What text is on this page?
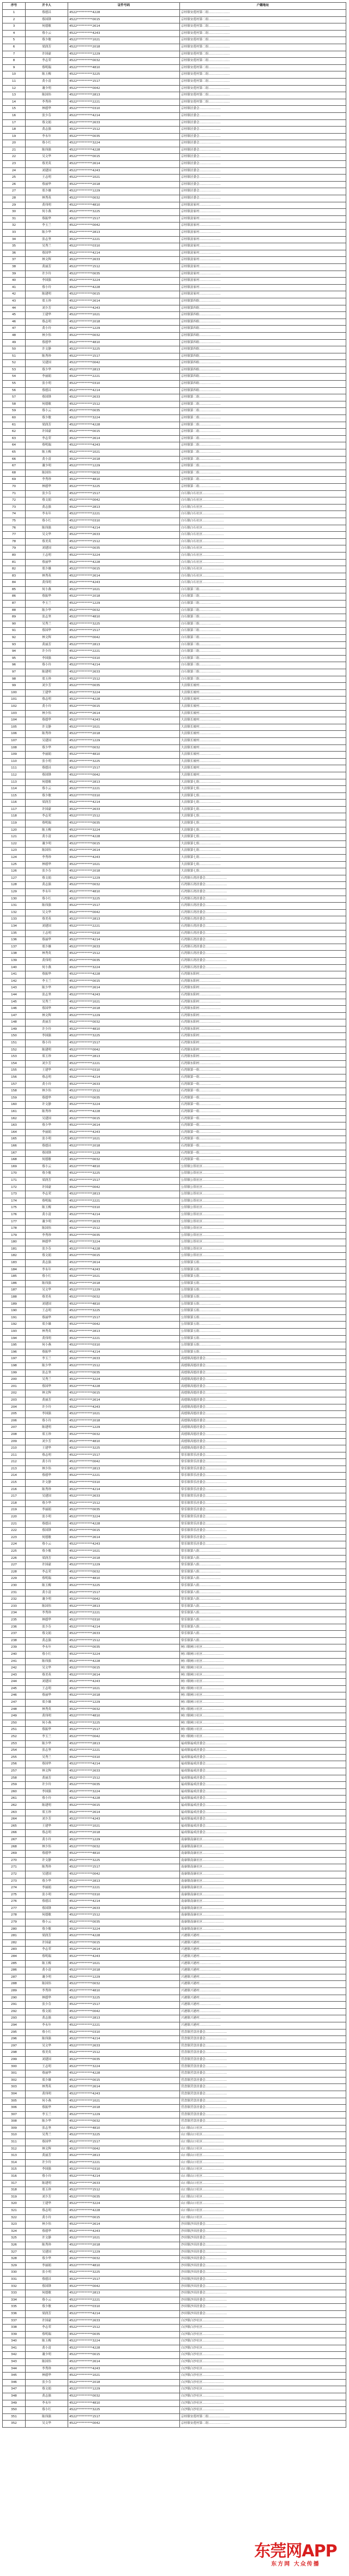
序号	开卡人	证件号码	户籍地址
1	蔡德昌	4522**********4228	京桂镇安莲村第二组…………………
2	蔡国锋	4522**********0015	京桂镇安莲村第二组…………………
3	何德敏	4522**********2614	京桂镇安莲村第二组…………………
4	蔡小云	4522**********4243	京桂镇安莲村第二组…………………
5	蔡少敏	4522**********1021	京桂镇安莲村第二组…………………
6	梁润芳	4522**********2018	京桂镇安莲村第二组…………………
7	许国豪	4522**********1229	京桂镇安莲村第二组…………………
8	李志荣	4522**********0032	京桂镇安莲村第二组…………………
9	蔡明瑞	4522**********4810	京桂镇安莲村第二组…………………
10	陈玉梅	4522**********3225	京桂镇安莲村第二组…………………
11	黄小清	4522**********1517	京桂镇安莲村第二组…………………
12	谢少明	4522**********0042	京桂镇安莲村第二组…………………
13	陈国伟	4522**********2813	京桂镇安莲村第二组…………………
14	李秀珍	4522**********2221	京桂镇安莲村第二组…………………
15	林德华	4522**********0310	京桂镇居委会…………………
16	张少芬	4522**********4214	京桂镇居委会…………………
17	蔡文娟	4522**********2633	京桂镇居委会…………………
18	黄志强	4522**********1512	京桂镇居委会…………………
19	李永年	4522**********0035	京桂镇居委会…………………
20	蔡小红	4522**********3224	京桂镇居委会…………………
21	陈伟强	4522**********4228	京桂镇居委会…………………
22	吴文华	4522**********0015	京桂镇居委会…………………
23	蔡美英	4522**********2614	京桂镇居委会…………………
24	刘建国	4522**********4243	京桂镇居委会…………………
25	王志明	4522**********1021	京桂镇居委会…………………
26	蔡丽华	4522**********2018	京桂镇居委会…………………
27	郑少雄	4522**********1229	京桂镇居委会…………………
28	林秀英	4522**********0032	京桂镇居委会…………………
29	黄伟明	4522**********4810	京桂镇富家村…………………
30	何小燕	4522**********3225	京桂镇富家村…………………
31	蔡振华	4522**********1517	京桂镇富家村…………………
32	李玉兰	4522**********0042	京桂镇富家村…………………
33	陈少华	4522**********2813	京桂镇富家村…………………
34	张志坚	4522**********2221	京桂镇富家村…………………
35	吴秀兰	4522**********0310	京桂镇富家村…………………
36	蔡国华	4522**********4214	京桂镇富家村…………………
37	林文辉	4522**********2633	京桂镇富家村…………………
38	黄丽芳	4522**********1512	京桂镇富家村…………………
39	许少玲	4522**********0035	京桂镇富家村…………………
40	李国强	4522**********3224	京桂镇富家村…………………
41	蔡小玲	4522**********4228	京桂镇富家村…………………
42	陈建明	4522**********0015	京桂镇富家村…………………
43	郑玉珍	4522**********2614	京桂镇第四组…………………
44	刘少芳	4522**********4243	京桂镇第四组…………………
45	王建华	4522**********1021	京桂镇第四组…………………
46	蔡志明	4522**********2018	京桂镇第四组…………………
47	黄小玲	4522**********1229	京桂镇第四组…………………
48	林少伟	4522**********0032	京桂镇第四组…………………
49	蔡德华	4522**********4810	京桂镇第四组…………………
50	许文静	4522**********3225	京桂镇第四组…………………
51	陈秀珍	4522**********1517	京桂镇第四组…………………
52	吴建国	4522**********0042	京桂镇第四组…………………
53	蔡少华	4522**********2813	京桂镇第四组…………………
54	李丽娟	4522**********2221	京桂镇第四组…………………
55	张小明	4522**********0310	京桂镇第四组…………………
56	蔡德昌	4522**********4214	京桂镇第四组…………………
57	蔡国锋	4522**********2633	京桂镇第二组…………………
58	何德敏	4522**********1512	京桂镇第二组…………………
59	蔡小云	4522**********0035	京桂镇第二组…………………
60	蔡少敏	4522**********3224	京桂镇第二组…………………
61	梁润芳	4522**********4228	京桂镇第二组…………………
62	许国豪	4522**********0015	京桂镇第二组…………………
63	李志荣	4522**********2614	京桂镇第二组…………………
64	蔡明瑞	4522**********4243	京桂镇第二组…………………
65	陈玉梅	4522**********1021	京桂镇第二组…………………
66	黄小清	4522**********2018	京桂镇第二组…………………
67	谢少明	4522**********1229	京桂镇第二组…………………
68	陈国伟	4522**********0032	京桂镇第二组…………………
69	李秀珍	4522**********4810	京桂镇第二组…………………
70	林德华	4522**********3225	京桂镇第二组…………………
71	张少芬	4522**********1517	白石镇白石社区…………………
72	蔡文娟	4522**********0042	白石镇白石社区…………………
73	黄志强	4522**********2813	白石镇白石社区…………………
74	李永年	4522**********2221	白石镇白石社区…………………
75	蔡小红	4522**********0310	白石镇白石社区…………………
76	陈伟强	4522**********4214	白石镇白石社区…………………
77	吴文华	4522**********2633	白石镇白石社区…………………
78	蔡美英	4522**********1512	白石镇白石社区…………………
79	刘建国	4522**********0035	白石镇白石社区…………………
80	王志明	4522**********3224	白石镇白石社区…………………
81	蔡丽华	4522**********4228	白石镇白石社区…………………
82	郑少雄	4522**********0015	白石镇白石社区…………………
83	林秀英	4522**********2614	白石镇白石社区…………………
84	黄伟明	4522**********4243	白石镇白石社区…………………
85	何小燕	4522**********1021	白石镇第三组…………………
86	蔡振华	4522**********2018	白石镇第三组…………………
87	李玉兰	4522**********1229	白石镇第三组…………………
88	陈少华	4522**********0032	白石镇第三组…………………
89	张志坚	4522**********4810	白石镇第三组…………………
90	吴秀兰	4522**********3225	白石镇第三组…………………
91	蔡国华	4522**********1517	白石镇第三组…………………
92	林文辉	4522**********0042	白石镇第三组…………………
93	黄丽芳	4522**********2813	白石镇第三组…………………
94	许少玲	4522**********2221	白石镇第三组…………………
95	李国强	4522**********0310	白石镇第三组…………………
96	蔡小玲	4522**********4214	白石镇第三组…………………
97	陈建明	4522**********2633	白石镇第三组…………………
98	郑玉珍	4522**********1512	白石镇第三组…………………
99	刘少芳	4522**********0035	大浪镇长坡村…………………
100	王建华	4522**********3224	大浪镇长坡村…………………
101	蔡志明	4522**********4228	大浪镇长坡村…………………
102	黄小玲	4522**********0015	大浪镇长坡村…………………
103	林少伟	4522**********2614	大浪镇长坡村…………………
104	蔡德华	4522**********4243	大浪镇长坡村…………………
105	许文静	4522**********1021	大浪镇长坡村…………………
106	陈秀珍	4522**********2018	大浪镇长坡村…………………
107	吴建国	4522**********1229	大浪镇长坡村…………………
108	蔡少华	4522**********0032	大浪镇长坡村…………………
109	李丽娟	4522**********4810	大浪镇长坡村…………………
110	张小明	4522**********3225	大浪镇长坡村…………………
111	蔡德昌	4522**********1517	大浪镇长坡村…………………
112	蔡国锋	4522**********0042	大浪镇长坡村…………………
113	何德敏	4522**********2813	大浪镇第七组…………………
114	蔡小云	4522**********2221	大浪镇第七组…………………
115	蔡少敏	4522**********0310	大浪镇第七组…………………
116	梁润芳	4522**********4214	大浪镇第七组…………………
117	许国豪	4522**********2633	大浪镇第七组…………………
118	李志荣	4522**********1512	大浪镇第七组…………………
119	蔡明瑞	4522**********0035	大浪镇第七组…………………
120	陈玉梅	4522**********3224	大浪镇第七组…………………
121	黄小清	4522**********4228	大浪镇第七组…………………
122	谢少明	4522**********0015	大浪镇第七组…………………
123	陈国伟	4522**********2614	大浪镇第七组…………………
124	李秀珍	4522**********4243	大浪镇第七组…………………
125	林德华	4522**********1021	大浪镇第七组…………………
126	张少芬	4522**********2018	大浪镇第七组…………………
127	蔡文娟	4522**********1229	石湾镇石湾居委会…………………
128	黄志强	4522**********0032	石湾镇石湾居委会…………………
129	李永年	4522**********4810	石湾镇石湾居委会…………………
130	蔡小红	4522**********3225	石湾镇石湾居委会…………………
131	陈伟强	4522**********1517	石湾镇石湾居委会…………………
132	吴文华	4522**********0042	石湾镇石湾居委会…………………
133	蔡美英	4522**********2813	石湾镇石湾居委会…………………
134	刘建国	4522**********2221	石湾镇石湾居委会…………………
135	王志明	4522**********0310	石湾镇石湾居委会…………………
136	蔡丽华	4522**********4214	石湾镇石湾居委会…………………
137	郑少雄	4522**********2633	石湾镇石湾居委会…………………
138	林秀英	4522**********1512	石湾镇石湾居委会…………………
139	黄伟明	4522**********0035	石湾镇石湾居委会…………………
140	何小燕	4522**********3224	石湾镇石湾居委会…………………
141	蔡振华	4522**********4228	石湾镇东阳村…………………
142	李玉兰	4522**********0015	石湾镇东阳村…………………
143	陈少华	4522**********2614	石湾镇东阳村…………………
144	张志坚	4522**********4243	石湾镇东阳村…………………
145	吴秀兰	4522**********1021	石湾镇东阳村…………………
146	蔡国华	4522**********2018	石湾镇东阳村…………………
147	林文辉	4522**********1229	石湾镇东阳村…………………
148	黄丽芳	4522**********0032	石湾镇东阳村…………………
149	许少玲	4522**********4810	石湾镇东阳村…………………
150	李国强	4522**********3225	石湾镇东阳村…………………
151	蔡小玲	4522**********1517	石湾镇东阳村…………………
152	陈建明	4522**********0042	石湾镇东阳村…………………
153	郑玉珍	4522**********2813	石湾镇东阳村…………………
154	刘少芳	4522**********2221	石湾镇东阳村…………………
155	王建华	4522**********0310	石湾镇第一组…………………
156	蔡志明	4522**********4214	石湾镇第一组…………………
157	黄小玲	4522**********2633	石湾镇第一组…………………
158	林少伟	4522**********1512	石湾镇第一组…………………
159	蔡德华	4522**********0035	石湾镇第一组…………………
160	许文静	4522**********3224	石湾镇第一组…………………
161	陈秀珍	4522**********4228	石湾镇第一组…………………
162	吴建国	4522**********0015	石湾镇第一组…………………
163	蔡少华	4522**********2614	石湾镇第一组…………………
164	李丽娟	4522**********4243	石湾镇第一组…………………
165	张小明	4522**********1021	石湾镇第一组…………………
166	蔡德昌	4522**********2018	石湾镇第一组…………………
167	蔡国锋	4522**********1229	石湾镇第一组…………………
168	何德敏	4522**********0032	石湾镇第一组…………………
169	蔡小云	4522**********4810	公馆镇公馆社区…………………
170	蔡少敏	4522**********3225	公馆镇公馆社区…………………
171	梁润芳	4522**********1517	公馆镇公馆社区…………………
172	许国豪	4522**********0042	公馆镇公馆社区…………………
173	李志荣	4522**********2813	公馆镇公馆社区…………………
174	蔡明瑞	4522**********2221	公馆镇公馆社区…………………
175	陈玉梅	4522**********0310	公馆镇公馆社区…………………
176	黄小清	4522**********4214	公馆镇公馆社区…………………
177	谢少明	4522**********2633	公馆镇公馆社区…………………
178	陈国伟	4522**********1512	公馆镇公馆社区…………………
179	李秀珍	4522**********0035	公馆镇公馆社区…………………
180	林德华	4522**********3224	公馆镇公馆社区…………………
181	张少芬	4522**********4228	公馆镇公馆社区…………………
182	蔡文娟	4522**********0015	公馆镇公馆社区…………………
183	黄志强	4522**********2614	公馆镇第五组…………………
184	李永年	4522**********4243	公馆镇第五组…………………
185	蔡小红	4522**********1021	公馆镇第五组…………………
186	陈伟强	4522**********2018	公馆镇第五组…………………
187	吴文华	4522**********1229	公馆镇第五组…………………
188	蔡美英	4522**********0032	公馆镇第五组…………………
189	刘建国	4522**********4810	公馆镇第五组…………………
190	王志明	4522**********3225	公馆镇第五组…………………
191	蔡丽华	4522**********1517	公馆镇第五组…………………
192	郑少雄	4522**********0042	公馆镇第五组…………………
193	林秀英	4522**********2813	公馆镇第五组…………………
194	黄伟明	4522**********2221	公馆镇第五组…………………
195	何小燕	4522**********0310	公馆镇第五组…………………
196	蔡振华	4522**********4214	公馆镇第五组…………………
197	李玉兰	4522**********2633	高德镇高德居委会…………………
198	陈少华	4522**********1512	高德镇高德居委会…………………
199	张志坚	4522**********0035	高德镇高德居委会…………………
200	吴秀兰	4522**********3224	高德镇高德居委会…………………
201	蔡国华	4522**********4228	高德镇高德居委会…………………
202	林文辉	4522**********0015	高德镇高德居委会…………………
203	黄丽芳	4522**********2614	高德镇高德居委会…………………
204	许少玲	4522**********4243	高德镇高德居委会…………………
205	李国强	4522**********1021	高德镇高德居委会…………………
206	蔡小玲	4522**********2018	高德镇高德居委会…………………
207	陈建明	4522**********1229	高德镇高德居委会…………………
208	郑玉珍	4522**********0032	高德镇高德居委会…………………
209	刘少芳	4522**********4810	高德镇高德居委会…………………
210	王建华	4522**********3225	高德镇高德居委会…………………
211	蔡志明	4522**********1517	常乐镇常乐居委会…………………
212	黄小玲	4522**********0042	常乐镇常乐居委会…………………
213	林少伟	4522**********2813	常乐镇常乐居委会…………………
214	蔡德华	4522**********2221	常乐镇常乐居委会…………………
215	许文静	4522**********0310	常乐镇常乐居委会…………………
216	陈秀珍	4522**********4214	常乐镇常乐居委会…………………
217	吴建国	4522**********2633	常乐镇常乐居委会…………………
218	蔡少华	4522**********1512	常乐镇常乐居委会…………………
219	李丽娟	4522**********0035	常乐镇常乐居委会…………………
220	张小明	4522**********3224	常乐镇常乐居委会…………………
221	蔡德昌	4522**********4228	常乐镇常乐居委会…………………
222	蔡国锋	4522**********0015	常乐镇常乐居委会…………………
223	何德敏	4522**********2614	常乐镇常乐居委会…………………
224	蔡小云	4522**********4243	常乐镇常乐居委会…………………
225	蔡少敏	4522**********1021	常乐镇第八组…………………
226	梁润芳	4522**********2018	常乐镇第八组…………………
227	许国豪	4522**********1229	常乐镇第八组…………………
228	李志荣	4522**********0032	常乐镇第八组…………………
229	蔡明瑞	4522**********4810	常乐镇第八组…………………
230	陈玉梅	4522**********3225	常乐镇第八组…………………
231	黄小清	4522**********1517	常乐镇第八组…………………
232	谢少明	4522**********0042	常乐镇第八组…………………
233	陈国伟	4522**********2813	常乐镇第八组…………………
234	李秀珍	4522**********2221	常乐镇第八组…………………
235	林德华	4522**********0310	常乐镇第八组…………………
236	张少芬	4522**********4214	常乐镇第八组…………………
237	蔡文娟	4522**********2633	常乐镇第八组…………………
238	黄志强	4522**********1512	常乐镇第八组…………………
239	李永年	4522**********0035	闸口镇闸口社区…………………
240	蔡小红	4522**********3224	闸口镇闸口社区…………………
241	陈伟强	4522**********4228	闸口镇闸口社区…………………
242	吴文华	4522**********0015	闸口镇闸口社区…………………
243	蔡美英	4522**********2614	闸口镇闸口社区…………………
244	刘建国	4522**********4243	闸口镇闸口社区…………………
245	王志明	4522**********1021	闸口镇闸口社区…………………
246	蔡丽华	4522**********2018	闸口镇闸口社区…………………
247	郑少雄	4522**********1229	闸口镇闸口社区…………………
248	林秀英	4522**********0032	闸口镇闸口社区…………………
249	黄伟明	4522**********4810	闸口镇闸口社区…………………
250	何小燕	4522**********3225	闸口镇闸口社区…………………
251	蔡振华	4522**********1517	闸口镇闸口社区…………………
252	李玉兰	4522**********0042	闸口镇闸口社区…………………
253	陈少华	4522**********2813	福成镇福成居委会…………………
254	张志坚	4522**********2221	福成镇福成居委会…………………
255	吴秀兰	4522**********0310	福成镇福成居委会…………………
256	蔡国华	4522**********4214	福成镇福成居委会…………………
257	林文辉	4522**********2633	福成镇福成居委会…………………
258	黄丽芳	4522**********1512	福成镇福成居委会…………………
259	许少玲	4522**********0035	福成镇福成居委会…………………
260	李国强	4522**********3224	福成镇福成居委会…………………
261	蔡小玲	4522**********4228	福成镇福成居委会…………………
262	陈建明	4522**********0015	福成镇福成居委会…………………
263	郑玉珍	4522**********2614	福成镇福成居委会…………………
264	刘少芳	4522**********4243	福成镇福成居委会…………………
265	王建华	4522**********1021	福成镇福成居委会…………………
266	蔡志明	4522**********2018	福成镇福成居委会…………………
267	黄小玲	4522**********1229	南康镇南康社区…………………
268	林少伟	4522**********0032	南康镇南康社区…………………
269	蔡德华	4522**********4810	南康镇南康社区…………………
270	许文静	4522**********3225	南康镇南康社区…………………
271	陈秀珍	4522**********1517	南康镇南康社区…………………
272	吴建国	4522**********0042	南康镇南康社区…………………
273	蔡少华	4522**********2813	南康镇南康社区…………………
274	李丽娟	4522**********2221	南康镇南康社区…………………
275	张小明	4522**********0310	南康镇南康社区…………………
276	蔡德昌	4522**********4214	南康镇南康社区…………………
277	蔡国锋	4522**********2633	南康镇南康社区…………………
278	何德敏	4522**********1512	南康镇南康社区…………………
279	蔡小云	4522**********0035	南康镇南康社区…………………
280	蔡少敏	4522**********3224	南康镇南康社区…………………
281	梁润芳	4522**********4228	兴港镇兴港村…………………
282	许国豪	4522**********0015	兴港镇兴港村…………………
283	李志荣	4522**********2614	兴港镇兴港村…………………
284	蔡明瑞	4522**********4243	兴港镇兴港村…………………
285	陈玉梅	4522**********1021	兴港镇兴港村…………………
286	黄小清	4522**********2018	兴港镇兴港村…………………
287	谢少明	4522**********1229	兴港镇兴港村…………………
288	陈国伟	4522**********0032	兴港镇兴港村…………………
289	李秀珍	4522**********4810	兴港镇兴港村…………………
290	林德华	4522**********3225	兴港镇兴港村…………………
291	张少芬	4522**********1517	兴港镇兴港村…………………
292	蔡文娟	4522**********0042	兴港镇兴港村…………………
293	黄志强	4522**********2813	兴港镇兴港村…………………
294	李永年	4522**********2221	兴港镇兴港村…………………
295	蔡小红	4522**********0310	营盘镇营盘居委会…………………
296	陈伟强	4522**********4214	营盘镇营盘居委会…………………
297	吴文华	4522**********2633	营盘镇营盘居委会…………………
298	蔡美英	4522**********1512	营盘镇营盘居委会…………………
299	刘建国	4522**********0035	营盘镇营盘居委会…………………
300	王志明	4522**********3224	营盘镇营盘居委会…………………
301	蔡丽华	4522**********4228	营盘镇营盘居委会…………………
302	郑少雄	4522**********0015	营盘镇营盘居委会…………………
303	林秀英	4522**********2614	营盘镇营盘居委会…………………
304	黄伟明	4522**********4243	营盘镇营盘居委会…………………
305	何小燕	4522**********1021	营盘镇营盘居委会…………………
306	蔡振华	4522**********2018	营盘镇营盘居委会…………………
307	李玉兰	4522**********1229	营盘镇营盘居委会…………………
308	陈少华	4522**********0032	营盘镇营盘居委会…………………
309	张志坚	4522**********4810	山口镇山口社区…………………
310	吴秀兰	4522**********3225	山口镇山口社区…………………
311	蔡国华	4522**********1517	山口镇山口社区…………………
312	林文辉	4522**********0042	山口镇山口社区…………………
313	黄丽芳	4522**********2813	山口镇山口社区…………………
314	许少玲	4522**********2221	山口镇山口社区…………………
315	李国强	4522**********0310	山口镇山口社区…………………
316	蔡小玲	4522**********4214	山口镇山口社区…………………
317	陈建明	4522**********2633	山口镇山口社区…………………
318	郑玉珍	4522**********1512	山口镇山口社区…………………
319	刘少芳	4522**********0035	山口镇山口社区…………………
320	王建华	4522**********3224	山口镇山口社区…………………
321	蔡志明	4522**********4228	山口镇山口社区…………………
322	黄小玲	4522**********0015	山口镇山口社区…………………
323	林少伟	4522**********2614	沙田镇沙田居委会…………………
324	蔡德华	4522**********4243	沙田镇沙田居委会…………………
325	许文静	4522**********1021	沙田镇沙田居委会…………………
326	陈秀珍	4522**********2018	沙田镇沙田居委会…………………
327	吴建国	4522**********1229	沙田镇沙田居委会…………………
328	蔡少华	4522**********0032	沙田镇沙田居委会…………………
329	李丽娟	4522**********4810	沙田镇沙田居委会…………………
330	张小明	4522**********3225	沙田镇沙田居委会…………………
331	蔡德昌	4522**********1517	沙田镇沙田居委会…………………
332	蔡国锋	4522**********0042	沙田镇沙田居委会…………………
333	何德敏	4522**********2813	沙田镇沙田居委会…………………
334	蔡小云	4522**********2221	沙田镇沙田居委会…………………
335	蔡少敏	4522**********0310	沙田镇沙田居委会…………………
336	梁润芳	4522**********4214	沙田镇沙田居委会…………………
337	许国豪	4522**********2633	白沙镇白沙社区…………………
338	李志荣	4522**********1512	白沙镇白沙社区…………………
339	蔡明瑞	4522**********0035	白沙镇白沙社区…………………
340	陈玉梅	4522**********3224	白沙镇白沙社区…………………
341	黄小清	4522**********4228	白沙镇白沙社区…………………
342	谢少明	4522**********0015	白沙镇白沙社区…………………
343	陈国伟	4522**********2614	白沙镇白沙社区…………………
344	李秀珍	4522**********4243	白沙镇白沙社区…………………
345	林德华	4522**********1021	白沙镇白沙社区…………………
346	张少芬	4522**********2018	白沙镇白沙社区…………………
347	蔡文娟	4522**********1229	白沙镇白沙社区…………………
348	黄志强	4522**********0032	白沙镇白沙社区…………………
349	李永年	4522**********4810	白沙镇白沙社区…………………
350	蔡小红	4522**********3225	白沙镇白沙社区…………………
351	陈伟强	4522**********1517	京桂镇安莲村第二组…………………
352	吴文华	4522**********0042	京桂镇安莲村第二组…………………
东莞网APP
东方网 大众传播
